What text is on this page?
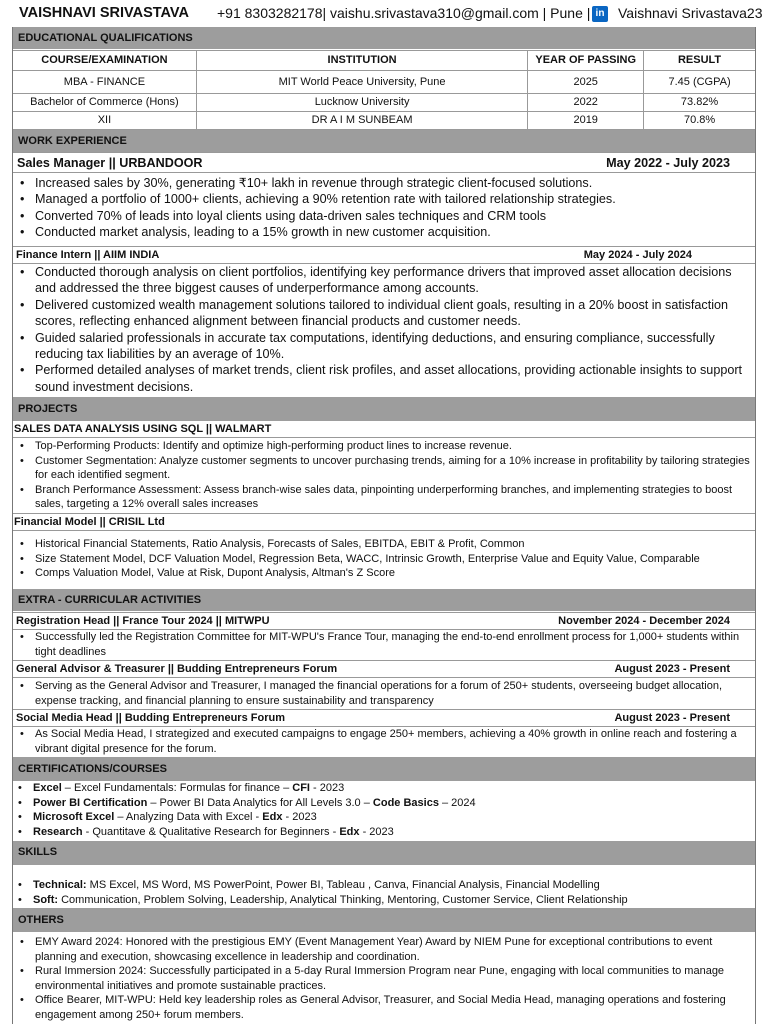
VAISHNAVI SRIVASTAVA +91 8303282178| vaishu.srivastava310@gmail.com | Pune | in Vaishnavi Srivastava23
EDUCATIONAL QUALIFICATIONS
COURSE/EXAMINATION	INSTITUTION	YEAR OF PASSING	RESULT
MBA - FINANCE	MIT World Peace University, Pune	2025	7.45 (CGPA)
Bachelor of Commerce (Hons)	Lucknow University	2022	73.82%
XII	DR A I M SUNBEAM	2019	70.8%
WORK EXPERIENCE
Sales Manager || URBANDOOR	May 2022 - July 2023
• Increased sales by 30%, generating ₹10+ lakh in revenue through strategic client-focused solutions.
• Managed a portfolio of 1000+ clients, achieving a 90% retention rate with tailored relationship strategies.
• Converted 70% of leads into loyal clients using data-driven sales techniques and CRM tools
• Conducted market analysis, leading to a 15% growth in new customer acquisition.
Finance Intern || AIIM INDIA	May 2024 - July 2024
• Conducted thorough analysis on client portfolios, identifying key performance drivers that improved asset allocation decisions and addressed the three biggest causes of underperformance among accounts.
• Delivered customized wealth management solutions tailored to individual client goals, resulting in a 20% boost in satisfaction scores, reflecting enhanced alignment between financial products and customer needs.
• Guided salaried professionals in accurate tax computations, identifying deductions, and ensuring compliance, successfully reducing tax liabilities by an average of 10%.
• Performed detailed analyses of market trends, client risk profiles, and asset allocations, providing actionable insights to support sound investment decisions.
PROJECTS
SALES DATA ANALYSIS USING SQL || WALMART
• Top-Performing Products: Identify and optimize high-performing product lines to increase revenue.
• Customer Segmentation: Analyze customer segments to uncover purchasing trends, aiming for a 10% increase in profitability by tailoring strategies for each identified segment.
• Branch Performance Assessment: Assess branch-wise sales data, pinpointing underperforming branches, and implementing strategies to boost sales, targeting a 12% overall sales increases
Financial Model || CRISIL Ltd
• Historical Financial Statements, Ratio Analysis, Forecasts of Sales, EBITDA, EBIT & Profit, Common
• Size Statement Model, DCF Valuation Model, Regression Beta, WACC, Intrinsic Growth, Enterprise Value and Equity Value, Comparable
• Comps Valuation Model, Value at Risk, Dupont Analysis, Altman's Z Score
EXTRA - CURRICULAR ACTIVITIES
Registration Head || France Tour 2024 || MITWPU	November 2024 - December 2024
• Successfully led the Registration Committee for MIT-WPU's France Tour, managing the end-to-end enrollment process for 1,000+ students within tight deadlines
General Advisor & Treasurer || Budding Entrepreneurs Forum	August 2023 - Present
• Serving as the General Advisor and Treasurer, I managed the financial operations for a forum of 250+ students, overseeing budget allocation, expense tracking, and financial planning to ensure sustainability and transparency
Social Media Head || Budding Entrepreneurs Forum	August 2023 - Present
• As Social Media Head, I strategized and executed campaigns to engage 250+ members, achieving a 40% growth in online reach and fostering a vibrant digital presence for the forum.
CERTIFICATIONS/COURSES
• Excel – Excel Fundamentals: Formulas for finance – CFI - 2023
• Power BI Certification – Power BI Data Analytics for All Levels 3.0 – Code Basics – 2024
• Microsoft Excel – Analyzing Data with Excel - Edx - 2023
• Research - Quantitave & Qualitative Research for Beginners - Edx - 2023
SKILLS
• Technical: MS Excel, MS Word, MS PowerPoint, Power BI, Tableau , Canva, Financial Analysis, Financial Modelling
• Soft: Communication, Problem Solving, Leadership, Analytical Thinking, Mentoring, Customer Service, Client Relationship
OTHERS
• EMY Award 2024: Honored with the prestigious EMY (Event Management Year) Award by NIEM Pune for exceptional contributions to event planning and execution, showcasing excellence in leadership and coordination.
• Rural Immersion 2024: Successfully participated in a 5-day Rural Immersion Program near Pune, engaging with local communities to manage environmental initiatives and promote sustainable practices.
• Office Bearer, MIT-WPU: Held key leadership roles as General Advisor, Treasurer, and Social Media Head, managing operations and fostering engagement among 250+ forum members.
